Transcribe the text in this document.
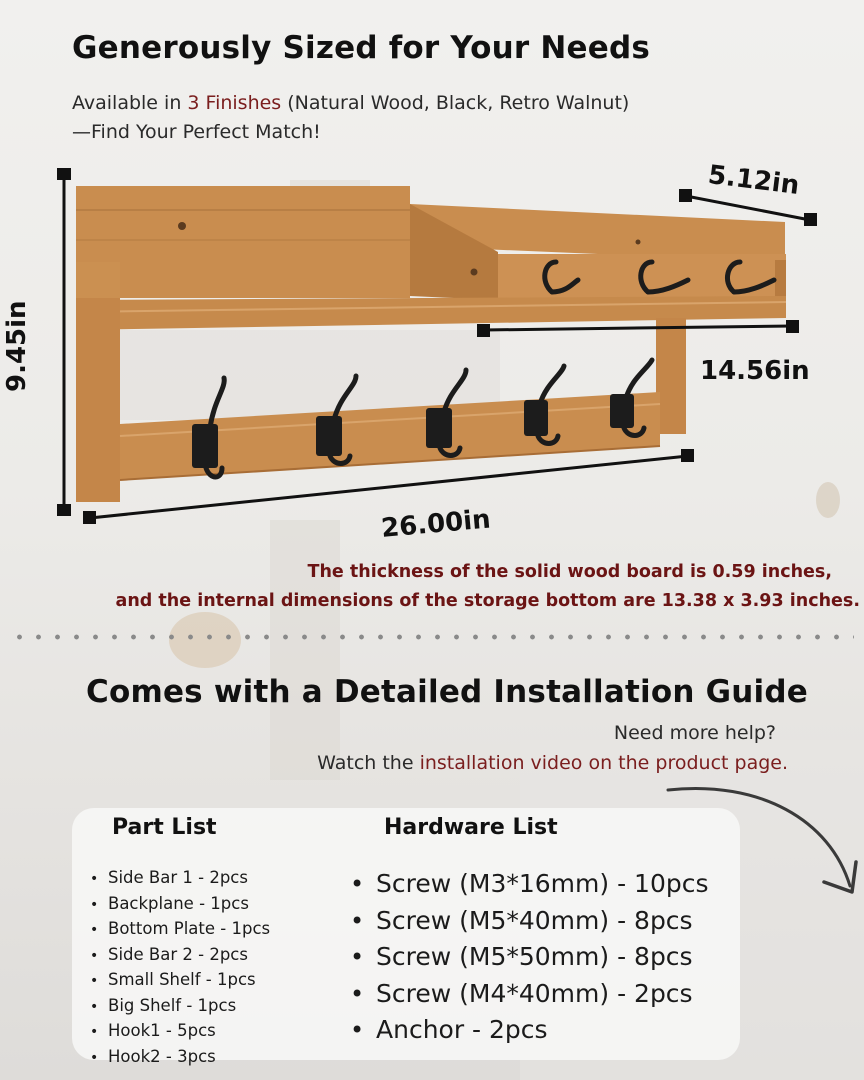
Generously Sized for Your Needs
Available in 3 Finishes (Natural Wood, Black, Retro Walnut)
—Find Your Perfect Match!
5.12in
9.45in	14.56in
26.00in
The thickness of the solid wood board is 0.59 inches,
and the internal dimensions of the storage bottom are 13.38 x 3.93 inches.
Comes with a Detailed Installation Guide
Need more help?
Watch the installation video on the product page.
Part List	Hardware List
• Side Bar 1 - 2pcs
• Backplane - 1pcs
• Bottom Plate - 1pcs
• Side Bar 2 - 2pcs
• Small Shelf - 1pcs
• Big Shelf - 1pcs
• Hook1 - 5pcs
• Hook2 - 3pcs
• Screw (M3*16mm) - 10pcs
• Screw (M5*40mm) - 8pcs
• Screw (M5*50mm) - 8pcs
• Screw (M4*40mm) - 2pcs
• Anchor - 2pcs
